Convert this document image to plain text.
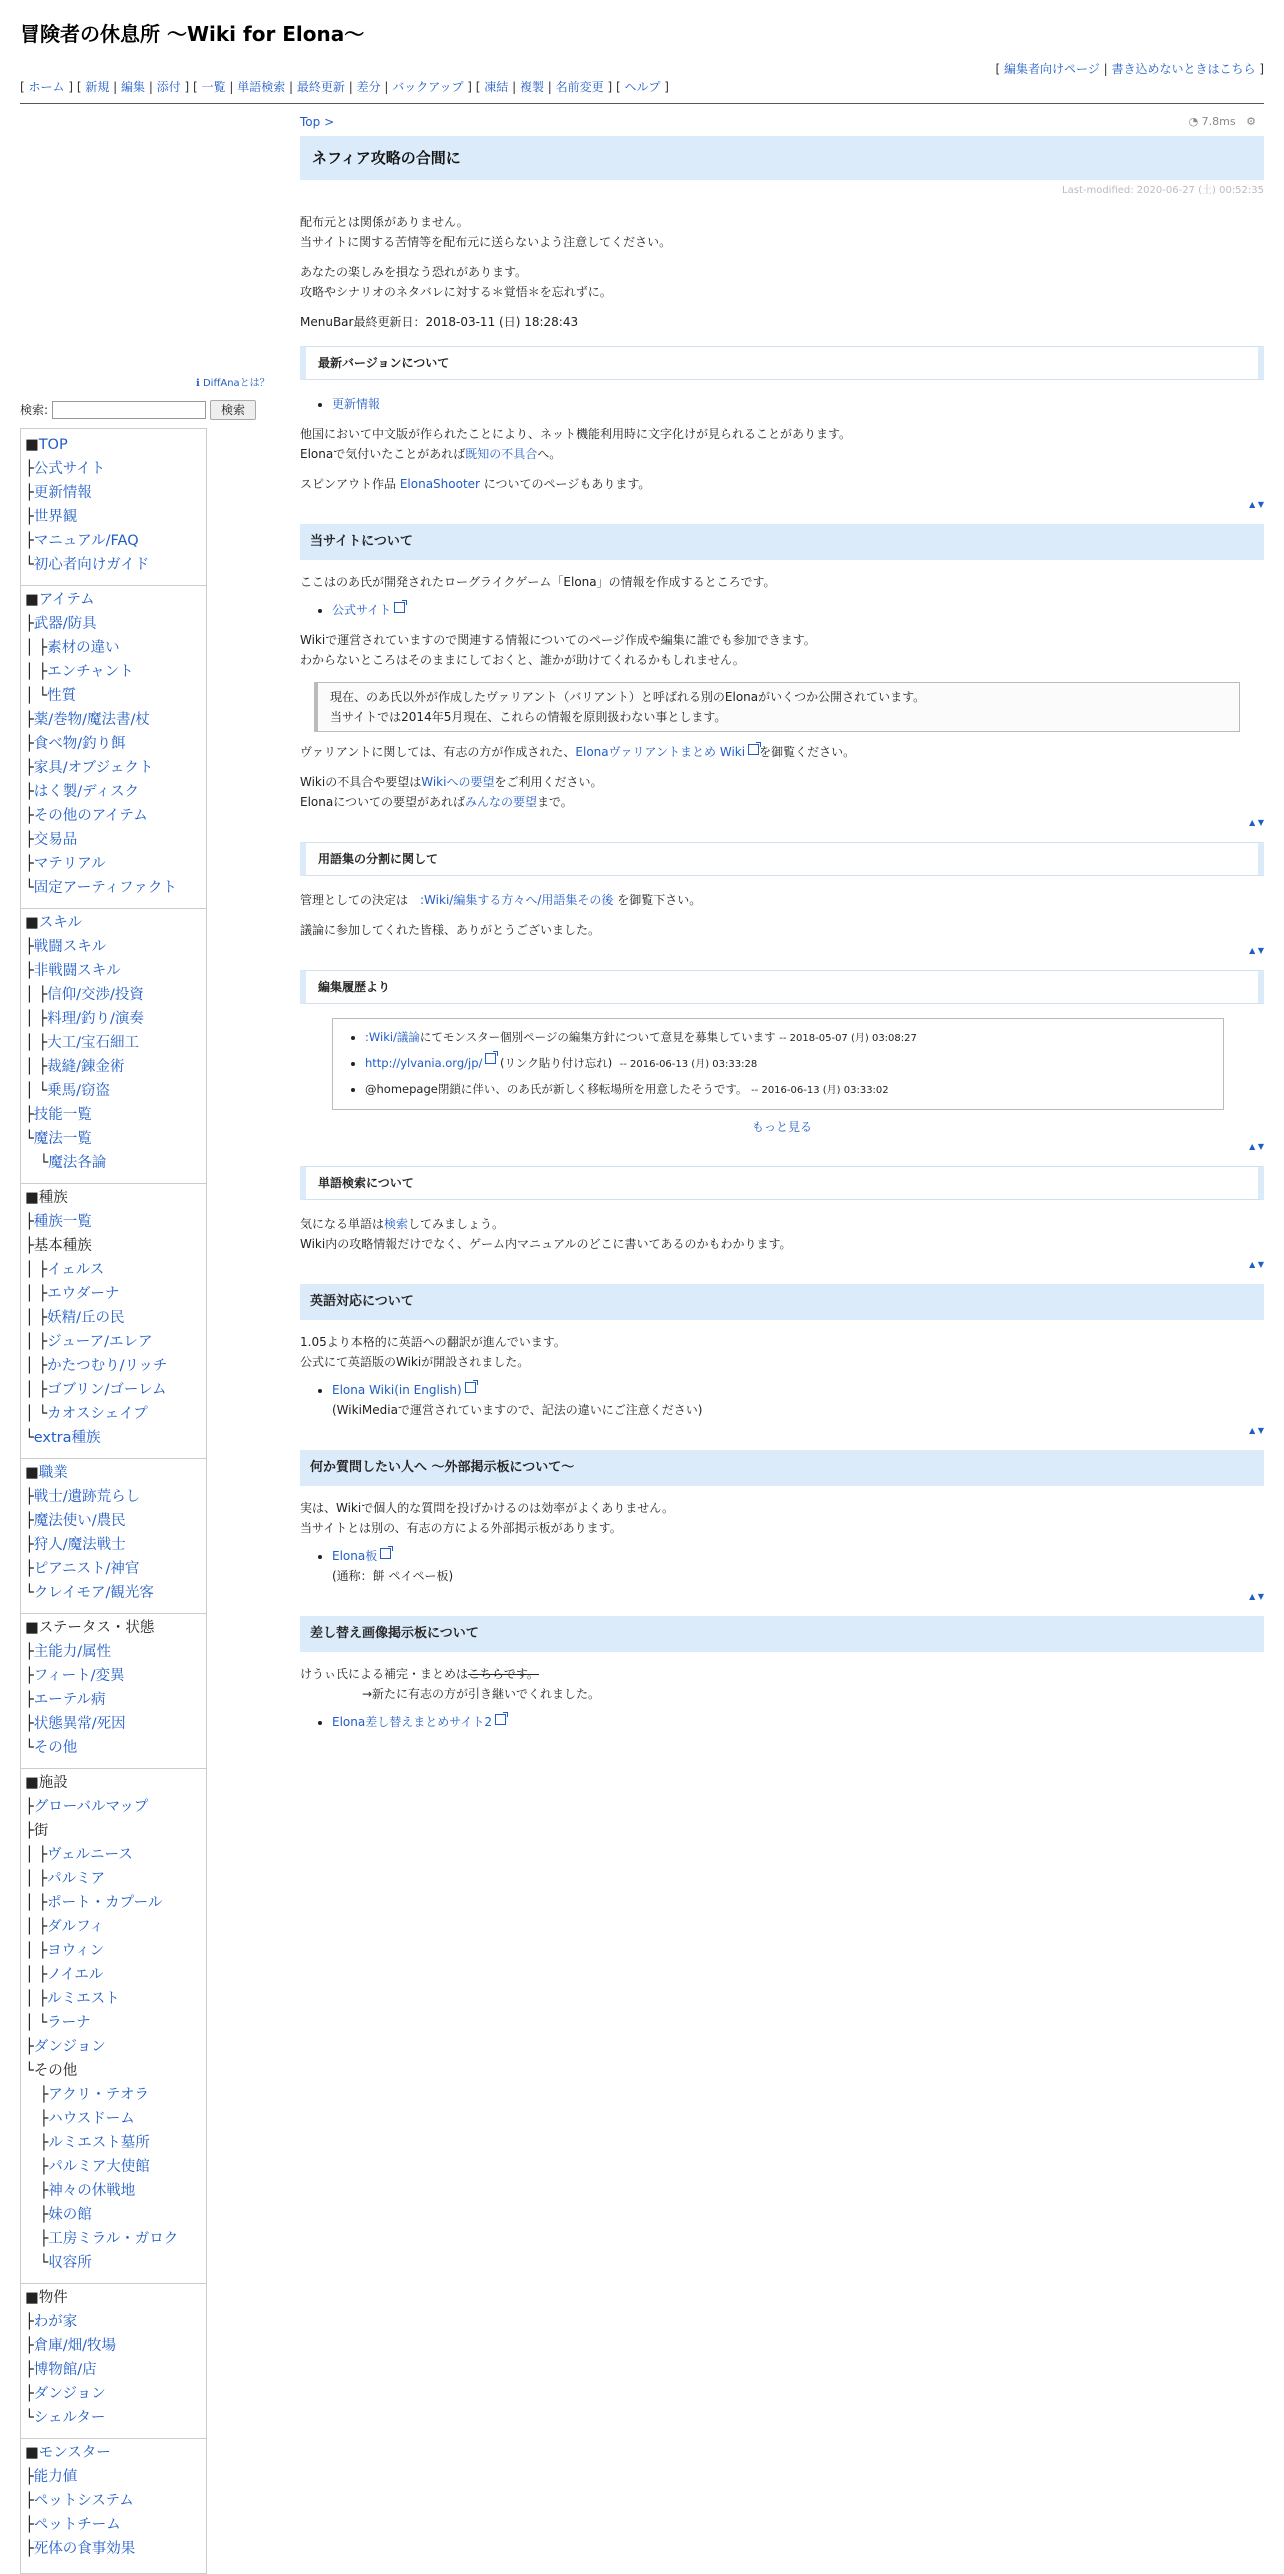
冒険者の休息所 ～Wiki for Elona～
[ 編集者向けページ | 書き込めないときはこちら ]
[ ホーム ] [ 新規 | 編集 | 添付 ] [ 一覧 | 単語検索 | 最終更新 | 差分 | バックアップ ] [ 凍結 | 複製 | 名前変更 ] [ ヘルプ ]
ℹ DiffAnaとは？
検索:	検索
■TOP
├公式サイト
├更新情報
├世界観
├マニュアル/FAQ
└初心者向けガイド
■アイテム
├武器/防具
│ ├素材の違い
│ ├エンチャント
│ └性質
├薬/巻物/魔法書/杖
├食べ物/釣り餌
├家具/オブジェクト
├はく製/ディスク
├その他のアイテム
├交易品
├マテリアル
└固定アーティファクト
■スキル
├戦闘スキル
├非戦闘スキル
│ ├信仰/交渉/投資
│ ├料理/釣り/演奏
│ ├大工/宝石細工
│ ├裁縫/錬金術
│ └乗馬/窃盗
├技能一覧
└魔法一覧
　└魔法各論
■種族
├種族一覧
├基本種族
│ ├イェルス
│ ├エウダーナ
│ ├妖精/丘の民
│ ├ジューア/エレア
│ ├かたつむり/リッチ
│ ├ゴブリン/ゴーレム
│ └カオスシェイプ
└extra種族
■職業
├戦士/遺跡荒らし
├魔法使い/農民
├狩人/魔法戦士
├ピアニスト/神官
└クレイモア/観光客
■ステータス・状態
├主能力/属性
├フィート/変異
├エーテル病
├状態異常/死因
└その他
■施設
├グローバルマップ
├街
│ ├ヴェルニース
│ ├パルミア
│ ├ポート・カプール
│ ├ダルフィ
│ ├ヨウィン
│ ├ノイエル
│ ├ルミエスト
│ └ラーナ
├ダンジョン
└その他
　├アクリ・テオラ
　├ハウスドーム
　├ルミエスト墓所
　├パルミア大使館
　├神々の休戦地
　├妹の館
　├工房ミラル・ガロク
　└収容所
■物件
├わが家
├倉庫/畑/牧場
├博物館/店
├ダンジョン
└シェルター
■モンスター
├能力値
├ペットシステム
├ペットチーム
├死体の食事効果
Top >	◔ 7.8ms ⚙
ネフィア攻略の合間に
Last-modified: 2020-06-27 (土) 00:52:35

配布元とは関係がありません。
当サイトに関する苦情等を配布元に送らないよう注意してください。

あなたの楽しみを損なう恐れがあります。
攻略やシナリオのネタバレに対する＊覚悟＊を忘れずに。

MenuBar最終更新日：2018-03-11 (日) 18:28:43

最新バージョンについて
• 更新情報

他国において中文版が作られたことにより、ネット機能利用時に文字化けが見られることがあります。

Elonaで気付いたことがあれば既知の不具合へ。

スピンアウト作品 ElonaShooter についてのページもあります。

▲ ▼
当サイトについて

ここはのあ氏が開発されたローグライクゲーム「Elona」の情報を作成するところです。

• 公式サイト

Wikiで運営されていますので関連する情報についてのページ作成や編集に誰でも参加できます。
わからないところはそのままにしておくと、誰かが助けてくれるかもしれません。

現在、のあ氏以外が作成したヴァリアント（バリアント）と呼ばれる別のElonaがいくつか公開されています。
当サイトでは2014年5月現在、これらの情報を原則扱わない事とします。

ヴァリアントに関しては、有志の方が作成された、Elonaヴァリアントまとめ Wiki を御覧ください。

Wikiの不具合や要望はWikiへの要望をご利用ください。
Elonaについての要望があればみんなの要望まで。

▲ ▼
用語集の分割に関して

管理としての決定は　:Wiki/編集する方々へ/用語集その後 を御覧下さい。

議論に参加してくれた皆様、ありがとうございました。

▲ ▼
編集履歴より
• :Wiki/議論にてモンスター個別ページの編集方針について意見を募集しています -- 2018-05-07 (月) 03:08:27
• http://ylvania.org/jp/ (リンク貼り付け忘れ) -- 2016-06-13 (月) 03:33:28
• @homepage閉鎖に伴い、のあ氏が新しく移転場所を用意したそうです。 -- 2016-06-13 (月) 03:33:02
もっと見る
▲ ▼
単語検索について

気になる単語は検索してみましょう。
Wiki内の攻略情報だけでなく、ゲーム内マニュアルのどこに書いてあるのかもわかります。

▲ ▼
英語対応について

1.05より本格的に英語への翻訳が進んでいます。
公式にて英語版のWikiが開設されました。

• Elona Wiki(in English)
(WikiMediaで運営されていますので、記法の違いにご注意ください)
▲ ▼
何か質問したい人へ ～外部掲示板について～

実は、Wikiで個人的な質問を投げかけるのは効率がよくありません。
当サイトとは別の、有志の方による外部掲示板があります。

• Elona板
(通称：餅 ペイペー板)
▲ ▼
差し替え画像掲示板について

けうぃ氏による補完・まとめはこちらです。
→新たに有志の方が引き継いでくれました。

• Elona差し替えまとめサイト2
